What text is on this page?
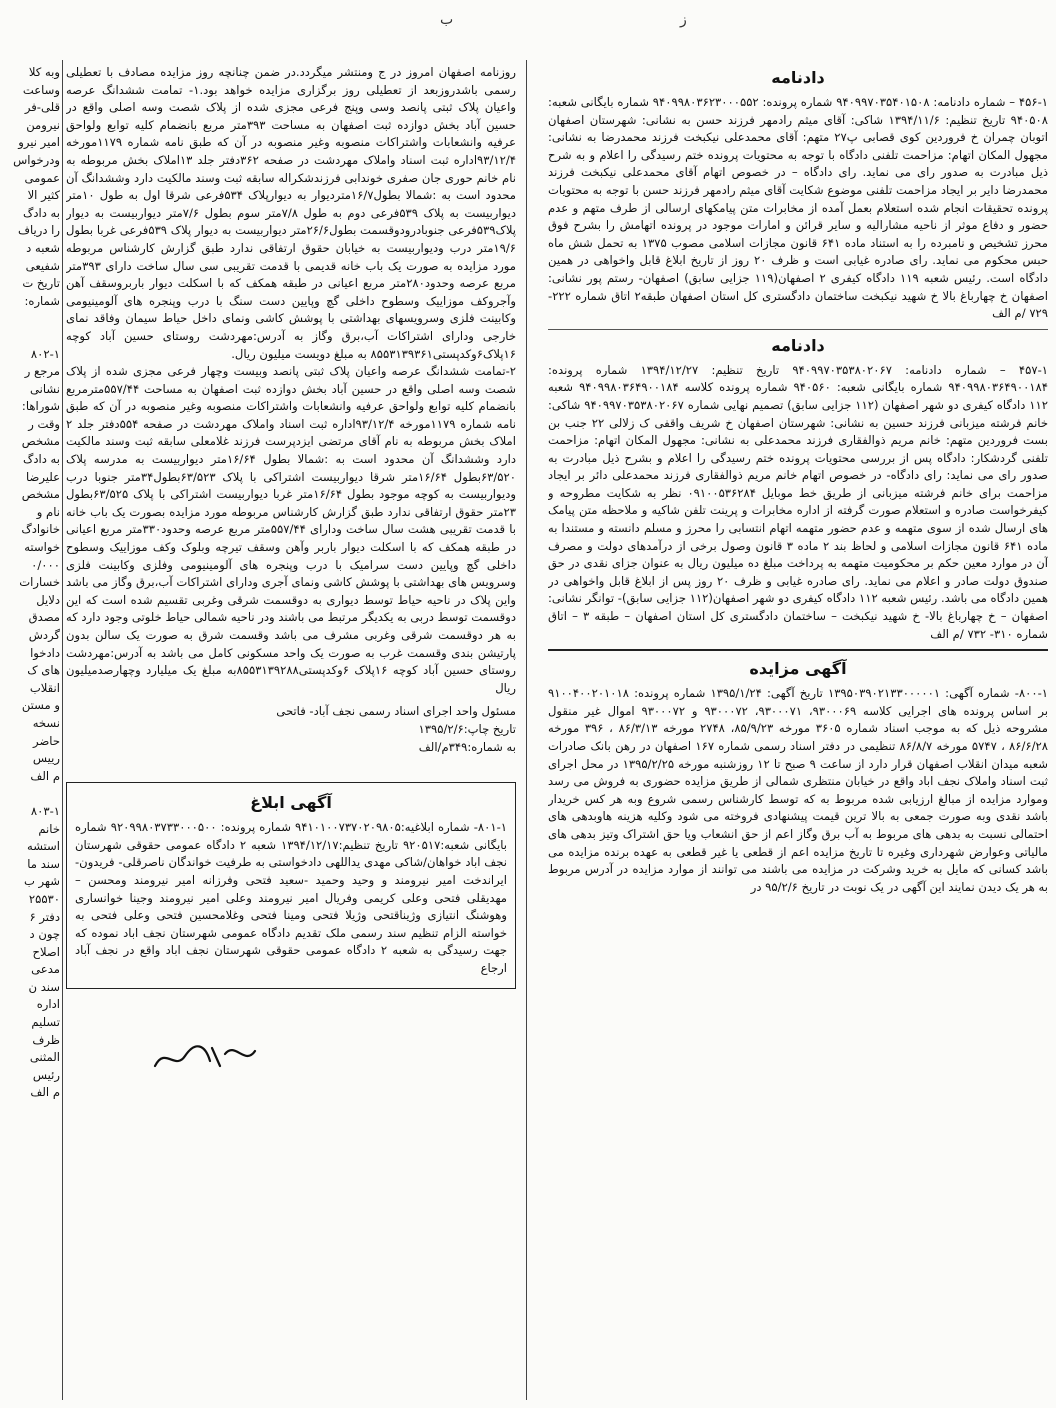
ب	ز
دادنامه

۴۵۶-۱ – شماره دادنامه: ۹۴۰۹۹۷۰۳۵۴۰۱۵۰۸ شماره پرونده: ۹۴۰۹۹۸۰۳۶۲۳۰۰۰۵۵۲ شماره بایگانی شعبه: ۹۴۰۵۰۸ تاریخ تنظیم: ۱۳۹۴/۱۱/۶ شاکی: آقای میثم رادمهر فرزند حسن به نشانی: شهرستان اصفهان اتوبان چمران خ فروردین کوی قصابی پ۲۷ متهم: آقای محمدعلی نیکبخت فرزند محمدرضا به نشانی: مجهول المکان اتهام: مزاحمت تلفنی دادگاه با توجه به محتویات پرونده ختم رسیدگی را اعلام و به شرح ذیل مبادرت به صدور رای می نماید. رای دادگاه – در خصوص اتهام آقای محمدعلی نیکبخت فرزند محمدرضا دایر بر ایجاد مزاحمت تلفنی موضوع شکایت آقای میثم رادمهر فرزند حسن با توجه به محتویات پرونده تحقیقات انجام شده استعلام بعمل آمده از مخابرات متن پیامکهای ارسالی از طرف متهم و عدم حضور و دفاع موثر از ناحیه مشارالیه و سایر قرائن و امارات موجود در پرونده اتهامش را بشرح فوق محرز تشخیص و نامبرده را به استناد ماده ۶۴۱ قانون مجازات اسلامی مصوب ۱۳۷۵ به تحمل شش ماه حبس محکوم می نماید. رای صادره غیابی است و ظرف ۲۰ روز از تاریخ ابلاغ قابل واخواهی در همین دادگاه است. رئیس شعبه ۱۱۹ دادگاه کیفری ۲ اصفهان(۱۱۹ جزایی سابق) اصفهان- رستم پور نشانی: اصفهان خ چهارباغ بالا خ شهید نیکبخت ساختمان دادگستری کل استان اصفهان طبقه۲ اتاق شماره ۲۲۲- ۷۲۹ /م الف

دادنامه

۴۵۷-۱ – شماره دادنامه: ۹۴۰۹۹۷۰۳۵۳۸۰۲۰۶۷ تاریخ تنظیم: ۱۳۹۴/۱۲/۲۷ شماره پرونده: ۹۴۰۹۹۸۰۳۶۴۹۰۰۱۸۴ شماره بایگانی شعبه: ۹۴۰۵۶۰ شماره پرونده کلاسه ۹۴۰۹۹۸۰۳۶۴۹۰۰۱۸۴ شعبه ۱۱۲ دادگاه کیفری دو شهر اصفهان (۱۱۲ جزایی سابق) تصمیم نهایی شماره ۹۴۰۹۹۷۰۳۵۳۸۰۲۰۶۷ شاکی: خانم فرشته میزبانی فرزند حسین به نشانی: شهرستان اصفهان خ شریف واقفی ک زلالی ۲۲ جنب بن بست فروردین متهم: خانم مریم ذوالفقاری فرزند محمدعلی به نشانی: مجهول المکان اتهام: مزاحمت تلفنی گردشکار: دادگاه پس از بررسی محتویات پرونده ختم رسیدگی را اعلام و بشرح ذیل مبادرت به صدور رای می نماید: رای دادگاه- در خصوص اتهام خانم مریم ذوالفقاری فرزند محمدعلی دائر بر ایجاد مزاحمت برای خانم فرشته میزبانی از طریق خط موبایل ۰۹۱۰۰۵۳۶۲۸۴ نظر به شکایت مطروحه و کیفرخواست صادره و استعلام صورت گرفته از اداره مخابرات و پرینت تلفن شاکیه و ملاحظه متن پیامک های ارسال شده از سوی متهمه و عدم حضور متهمه اتهام انتسابی را محرز و مسلم دانسته و مستندا به ماده ۶۴۱ قانون مجازات اسلامی و لحاظ بند ۲ ماده ۳ قانون وصول برخی از درآمدهای دولت و مصرف آن در موارد معین حکم بر محکومیت متهمه به پرداخت مبلغ ده میلیون ریال به عنوان جزای نقدی در حق صندوق دولت صادر و اعلام می نماید. رای صادره غیابی و ظرف ۲۰ روز پس از ابلاغ قابل واخواهی در همین دادگاه می باشد. رئیس شعبه ۱۱۲ دادگاه کیفری دو شهر اصفهان(۱۱۲ جزایی سابق)- توانگر نشانی: اصفهان – خ چهارباغ بالا- خ شهید نیکبخت – ساختمان دادگستری کل استان اصفهان – طبقه ۳ – اتاق شماره ۳۱۰- ۷۳۲ /م الف

آگهی مزایده

۸۰۰-۱- شماره آگهی: ۱۳۹۵۰۳۹۰۲۱۳۳۰۰۰۰۰۱ تاریخ آگهی: ۱۳۹۵/۱/۲۴ شماره پرونده: ۹۱۰۰۴۰۰۲۰۱۰۱۸ بر اساس پرونده های اجرایی کلاسه ۹۳۰۰۰۶۹، ۹۳۰۰۰۷۱، ۹۳۰۰۰۷۲ و ۹۳۰۰۰۷۲ اموال غیر منقول مشروحه ذیل که به موجب اسناد شماره ۳۶۰۵ مورخه ۸۵/۹/۲۳، ۲۷۴۸ مورخه ۸۶/۳/۱۳ ، ۳۹۶ مورخه ۸۶/۶/۲۸ ، ۵۷۴۷ مورخه ۸۶/۸/۷ تنظیمی در دفتر اسناد رسمی شماره ۱۶۷ اصفهان در رهن بانک صادرات شعبه میدان انقلاب اصفهان قرار دارد از ساعت ۹ صبح تا ۱۲ روزشنبه مورخه ۱۳۹۵/۲/۲۵ در محل اجرای ثبت اسناد واملاک نجف اباد واقع در خیابان منتظری شمالی از طریق مزایده حضوری به فروش می رسد وموارد مزایده از مبالغ ارزیابی شده مربوط به که توسط کارشناس رسمی شروع وبه هر کس خریدار باشد نقدی وبه صورت جمعی به بالا ترین قیمت پیشنهادی فروخته می شود وکلیه هزینه هاوبدهی های احتمالی نسبت به بدهی های مربوط به آب برق وگاز اعم از حق انشعاب ویا حق اشتراک وتیز بدهی های مالیاتی وعوارض شهرداری وغیره تا تاریخ مزایده اعم از قطعی یا غیر قطعی به عهده برنده مزایده می باشد کسانی که مایل به خرید وشرکت در مزایده می باشند می توانند از موارد مزایده در آدرس مربوط به هر یک دیدن نمایند این آگهی در یک نوبت در تاریخ ۹۵/۲/۶ در

روزنامه اصفهان امروز در ج ومنتشر میگردد.در ضمن چنانچه روز مزایده مصادف با تعطیلی رسمی باشدروزبعد از تعطیلی روز برگزاری مزایده خواهد بود.۱- تمامت ششدانگ عرصه واعیان پلاک ثبتی پانصد وسی وپنج فرعی مجزی شده از پلاک شصت وسه اصلی واقع در حسین آباد بخش دوازده ثبت اصفهان به مساحت ۳۹۳متر مربع بانضمام کلیه توابع ولواحق عرفیه وانشعابات واشتراکات منصوبه وغیر منصوبه در آن که طبق نامه شماره ۱۱۷۹مورخه ۹۳/۱۲/۴اداره ثبت اسناد واملاک مهردشت در صفحه ۳۶۲دفتر جلد ۱۳املاک بخش مربوطه به نام خانم حوری جان صفری خوندابی فرزندشکراله سابقه ثبت وسند مالکیت دارد وششدانگ آن محدود است به :شمالا بطول۱۶/۷متردیوار به دیوارپلاک ۵۳۴فرعی شرقا اول به طول ۱۰متر دیواربیست به پلاک ۵۳۹فرعی دوم به طول ۷/۸متر سوم بطول ۷/۶متر دیواربیست به دیوار پلاک۵۳۹فرعی جنوبادرودوقسمت بطول۲۶/۶متر دیواربیست به دیوار پلاک ۵۳۹فرعی غربا بطول ۱۹/۶متر درب ودیواربیست به خیابان حقوق ارتفاقی ندارد طبق گزارش کارشناس مربوطه مورد مزایده به صورت یک باب خانه قدیمی با قدمت تقریبی سی سال ساخت دارای ۳۹۳متر مربع عرصه وحدود۲۸۰متر مربع اعیانی در طبقه همکف که با اسکلت دیوار باربروسقف آهن وآجروکف موزاییک وسطوح داخلی گچ وپایین دست سنگ با درب وپنجره های آلومینیومی وکابینت فلزی وسرویسهای بهداشتی با پوشش کاشی ونمای داخل حیاط سیمان وفاقد نمای خارجی ودارای اشتراکات آب،برق وگاز به آدرس:مهردشت روستای حسین آباد کوچه ۱۶پلاک۶وکدپستی۸۵۵۳۱۳۹۳۶۱ به مبلغ دویست میلیون ریال.
۲-تمامت ششدانگ عرصه واعیان پلاک ثبتی پانصد وبیست وچهار فرعی مجزی شده از پلاک شصت وسه اصلی واقع در حسین آباد بخش دوازده ثبت اصفهان به مساحت ۵۵۷/۴۴مترمربع بانضمام کلیه توابع ولواحق عرفیه وانشعابات واشتراکات منصوبه وغیر منصوبه در آن که طبق نامه شماره ۱۱۷۹مورخه ۹۳/۱۲/۴اداره ثبت اسناد واملاک مهردشت در صفحه ۵۵۴دفتر جلد ۲ املاک بخش مربوطه به نام آقای مرتضی ایزدپرست فرزند غلامعلی سابقه ثبت وسند مالکیت دارد وششدانگ آن محدود است به :شمالا بطول ۱۶/۶۴متر دیواربیست به مدرسه پلاک ۶۳/۵۲۰بطول ۱۶/۶۴متر شرقا دیواربیست اشتراکی با پلاک ۶۳/۵۲۳بطول۳۴متر جنوبا درب ودیواربیست به کوچه موجود بطول ۱۶/۶۴متر غربا دیواربیست اشتراکی با پلاک ۶۳/۵۲۵بطول ۲۳متر حقوق ارتفاقی ندارد طبق گزارش کارشناس مربوطه مورد مزایده بصورت یک باب خانه با قدمت تقریبی هشت سال ساخت ودارای ۵۵۷/۴۴متر مربع عرصه وحدود۳۳۰متر مربع اعیانی در طبقه همکف که با اسکلت دیوار باربر وآهن وسقف تیرچه وبلوک وکف موزاییک وسطوح داخلی گچ وپایین دست سرامیک با درب وپنجره های آلومینیومی وفلزی وکابینت فلزی وسرویس های بهداشتی با پوشش کاشی ونمای آجری ودارای اشتراکات آب،برق وگاز می باشد واین پلاک در ناحیه حیاط توسط دیواری به دوقسمت شرقی وغربی تقسیم شده است که این دوقسمت توسط دربی به یکدیگر مرتبط می باشند ودر ناحیه شمالی حیاط خلوتی وجود دارد که به هر دوقسمت شرقی وغربی مشرف می باشد وقسمت شرق به صورت یک سالن بدون پارتیشن بندی وقسمت غرب به صورت یک واحد مسکونی کامل می باشد به آدرس:مهردشت روستای حسین آباد کوچه ۱۶پلاک ۶وکدپستی۸۵۵۳۱۳۹۲۸۸به مبلغ یک میلیارد وچهارصدمیلیون ریال

مسئول واحد اجرای اسناد رسمی نجف آباد- فاتحی
تاریخ چاپ:۱۳۹۵/۲/۶
به شماره:۳۴۹م/الف
آگهی ابلاغ

۸۰۱-۱- شماره ابلاغیه:۹۴۱۰۱۰۰۷۳۷۰۲۰۹۸۰۵ شماره پرونده: ۹۲۰۹۹۸۰۳۷۳۳۰۰۰۵۰۰ شماره بایگانی شعبه:۹۲۰۵۱۷ تاریخ تنظیم:۱۳۹۴/۱۲/۱۷ شعبه ۲ دادگاه عمومی حقوقی شهرستان نجف اباد خواهان/شاکی مهدی یداللهی دادخواستی به طرفیت خواندگان ناصرقلی- فریدون-ایراندخت امیر نیرومند و وحید وحمید -سعید فتحی وفرزانه امیر نیرومند ومحسن – مهدیقلی فتحی وعلی کریمی وفریال امیر نیرومند وعلی امیر نیرومند وجینا خوانساری وهوشنگ انتیازی وژیناقتحی وژیلا فتحی ومینا فتحی وغلامحسین فتحی وعلی فتحی به خواسته الزام تنظیم سند رسمی ملک تقدیم دادگاه عمومی شهرستان نجف اباد نموده که جهت رسیدگی به شعبه ۲ دادگاه عمومی حقوقی شهرستان نجف اباد واقع در نجف آباد ارجاع

وبه کلا
وساعت
قلی-فر
نیرومن
امیر نیرو
ودرخواس
عمومی
کثیر الا
به دادگ
را دریاف
شعبه د
شفیعی
تاریخ ت
شماره:

۸۰۲-۱
مرجع ر
نشانی
شوراها:
وقت ر
مشخص
به دادگ
علیرضا
مشخص
نام و
خانوادگ
خواسته
۰/۰۰۰
خسارات
دلایل
مصدق
گردش
دادخوا
های ک
انقلاب
و مستن
نسخه
حاضر
رییس
م الف

۸۰۳-۱
خانم
استشه
سند ما
شهر ب
۲۵۵۳۰
دفتر ۶
چون د
اصلاح
مدعی
سند ن
اداره
تسلیم
ظرف
المثنی
رئیس
م الف
